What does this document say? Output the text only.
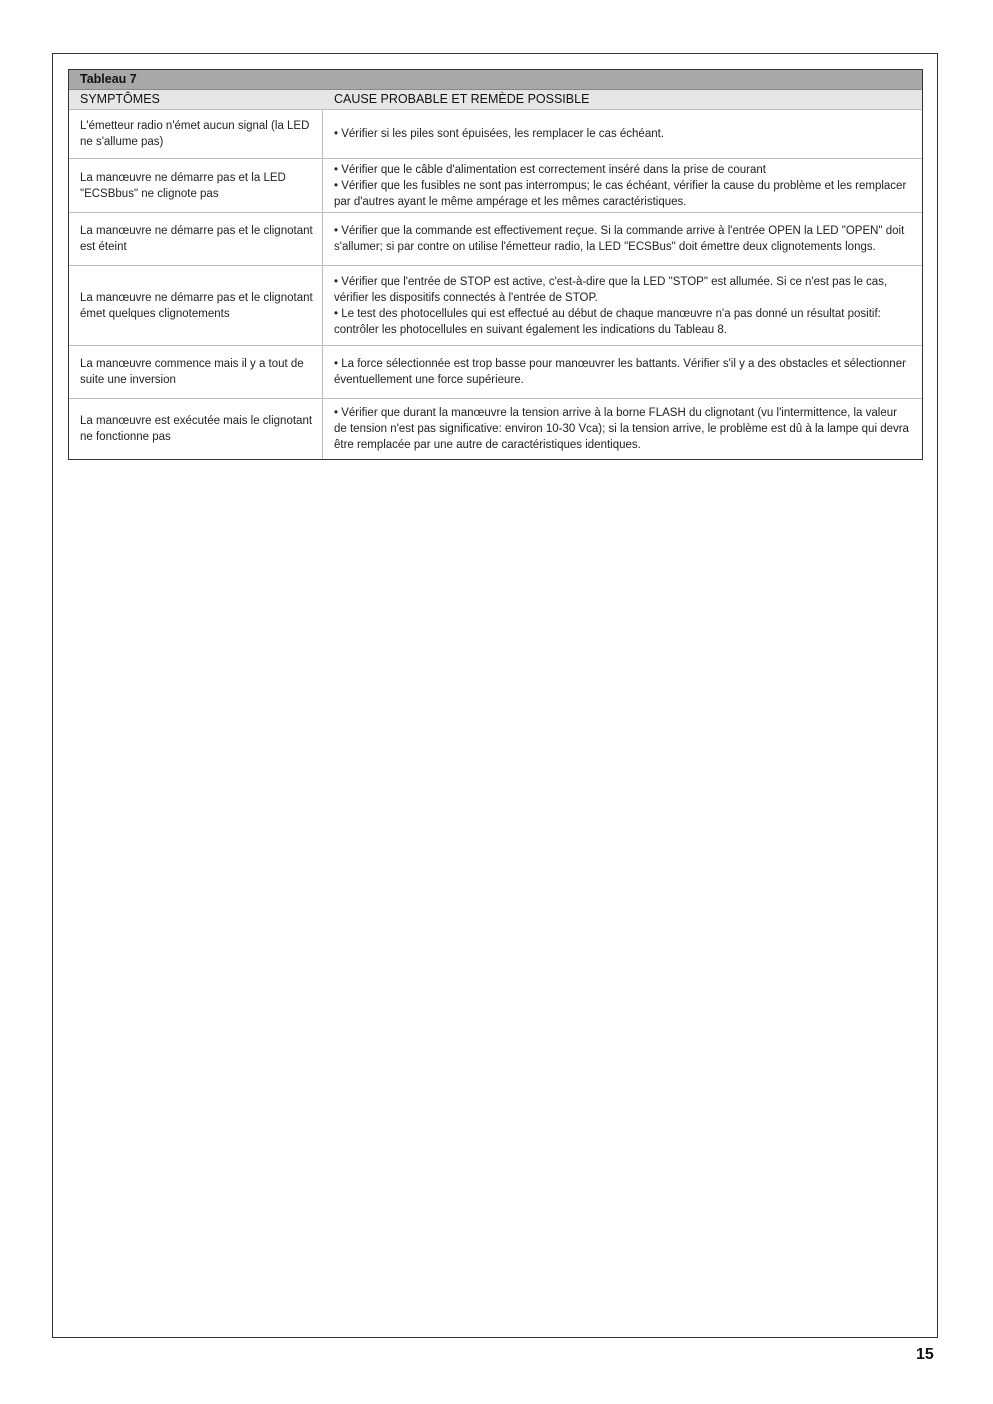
Tableau 7
SYMPTÔMES	CAUSE PROBABLE ET REMÈDE POSSIBLE
L'émetteur radio n'émet aucun signal (la LED ne s'allume pas)
• Vérifier si les piles sont épuisées, les remplacer le cas échéant.
La manœuvre ne démarre pas et la LED "ECSBbus" ne clignote pas
• Vérifier que le câble d'alimentation est correctement inséré dans la prise de courant
• Vérifier que les fusibles ne sont pas interrompus; le cas échéant, vérifier la cause du problème et les remplacer par d'autres ayant le même ampérage et les mêmes caractéristiques.
La manœuvre ne démarre pas et le clignotant est éteint
• Vérifier que la commande est effectivement reçue. Si la commande arrive à l'entrée OPEN la LED "OPEN" doit s'allumer; si par contre on utilise l'émetteur radio, la LED "ECSBus" doit émettre deux clignotements longs.
La manœuvre ne démarre pas et le clignotant émet quelques clignotements
• Vérifier que l'entrée de STOP est active, c'est-à-dire que la LED "STOP" est allumée. Si ce n'est pas le cas, vérifier les dispositifs connectés à l'entrée de STOP.
• Le test des photocellules qui est effectué au début de chaque manœuvre n'a pas donné un résultat positif: contrôler les photocellules en suivant également les indications du Tableau 8.
La manœuvre commence mais il y a tout de suite une inversion
• La force sélectionnée est trop basse pour manœuvrer les battants. Vérifier s'il y a des obstacles et sélectionner éventuellement une force supérieure.
La manœuvre est exécutée mais le clignotant ne fonctionne pas
• Vérifier que durant la manœuvre la tension arrive à la borne FLASH du clignotant (vu l'intermittence, la valeur de tension n'est pas significative: environ 10-30 Vca); si la tension arrive, le problème est dû à la lampe qui devra être remplacée par une autre de caractéristiques identiques.
15
